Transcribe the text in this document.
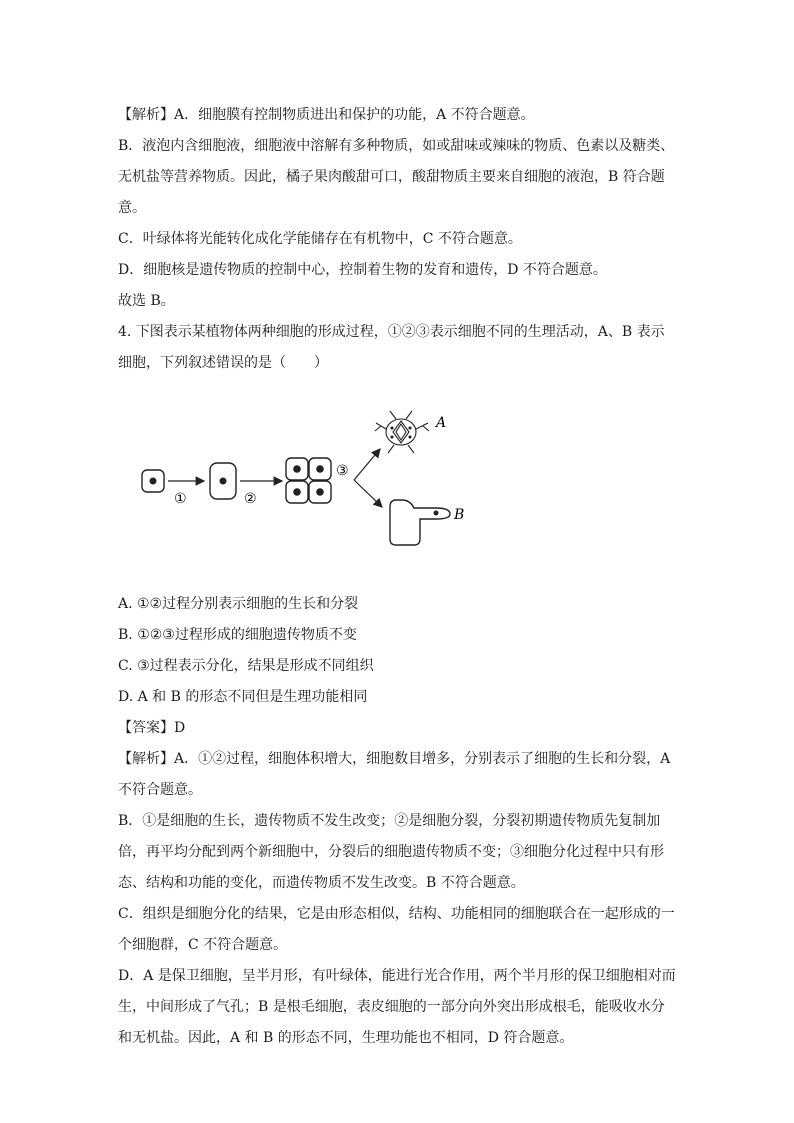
【解析】A．细胞膜有控制物质进出和保护的功能，A 不符合题意。

B．液泡内含细胞液，细胞液中溶解有多种物质，如或甜味或辣味的物质、色素以及糖类、无机盐等营养物质。因此，橘子果肉酸甜可口，酸甜物质主要来自细胞的液泡，B 符合题意。

C．叶绿体将光能转化成化学能储存在有机物中，C 不符合题意。

D．细胞核是遗传物质的控制中心，控制着生物的发育和遗传，D 不符合题意。

故选 B。

4. 下图表示某植物体两种细胞的形成过程，①②③表示细胞不同的生理活动，A、B 表示细胞，下列叙述错误的是（　　）

①	②
③
A
B

A. ①②过程分别表示细胞的生长和分裂

B. ①②③过程形成的细胞遗传物质不变

C. ③过程表示分化，结果是形成不同组织

D. A 和 B 的形态不同但是生理功能相同

【答案】D

【解析】A．①②过程，细胞体积增大，细胞数目增多，分别表示了细胞的生长和分裂，A 不符合题意。

B．①是细胞的生长，遗传物质不发生改变；②是细胞分裂，分裂初期遗传物质先复制加倍，再平均分配到两个新细胞中，分裂后的细胞遗传物质不变；③细胞分化过程中只有形态、结构和功能的变化，而遗传物质不发生改变。B 不符合题意。

C．组织是细胞分化的结果，它是由形态相似，结构、功能相同的细胞联合在一起形成的一个细胞群，C 不符合题意。

D．A 是保卫细胞，呈半月形，有叶绿体，能进行光合作用，两个半月形的保卫细胞相对而生，中间形成了气孔；B 是根毛细胞，表皮细胞的一部分向外突出形成根毛，能吸收水分和无机盐。因此，A 和 B 的形态不同，生理功能也不相同，D 符合题意。
